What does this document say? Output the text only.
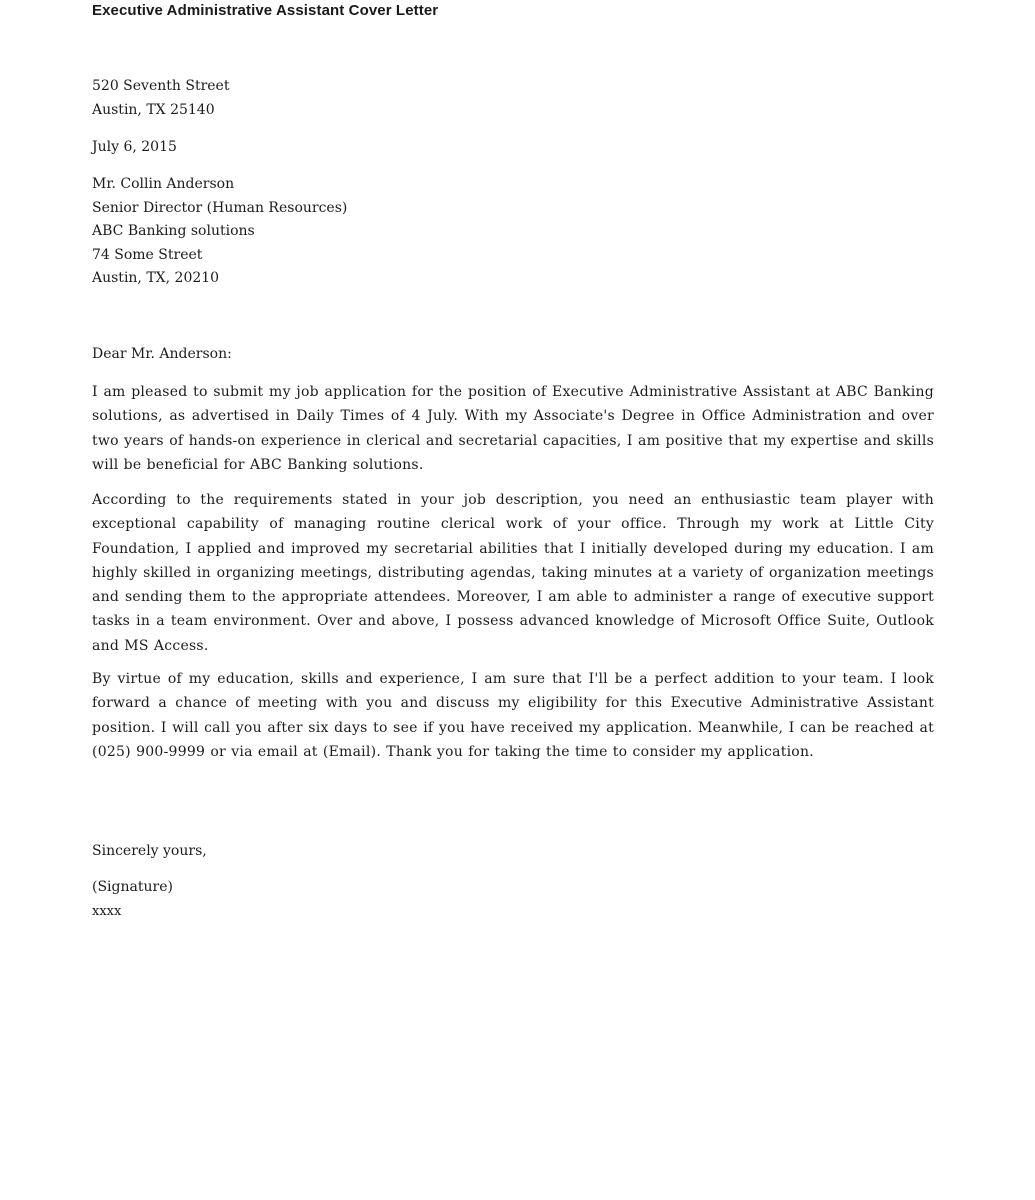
Executive Administrative Assistant Cover Letter
520 Seventh Street
Austin, TX 25140
July 6, 2015
Mr. Collin Anderson
Senior Director (Human Resources)
ABC Banking solutions
74 Some Street
Austin, TX, 20210
Dear Mr. Anderson:

I am pleased to submit my job application for the position of Executive Administrative Assistant at ABC Banking solutions, as advertised in Daily Times of 4 July. With my Associate's Degree in Office Administration and over two years of hands-on experience in clerical and secretarial capacities, I am positive that my expertise and skills will be beneficial for ABC Banking solutions.

According to the requirements stated in your job description, you need an enthusiastic team player with exceptional capability of managing routine clerical work of your office. Through my work at Little City Foundation, I applied and improved my secretarial abilities that I initially developed during my education. I am highly skilled in organizing meetings, distributing agendas, taking minutes at a variety of organization meetings and sending them to the appropriate attendees. Moreover, I am able to administer a range of executive support tasks in a team environment. Over and above, I possess advanced knowledge of Microsoft Office Suite, Outlook and MS Access.

By virtue of my education, skills and experience, I am sure that I'll be a perfect addition to your team. I look forward a chance of meeting with you and discuss my eligibility for this Executive Administrative Assistant position. I will call you after six days to see if you have received my application. Meanwhile, I can be reached at (025) 900-9999 or via email at (Email). Thank you for taking the time to consider my application.

Sincerely yours,
(Signature)
xxxx
